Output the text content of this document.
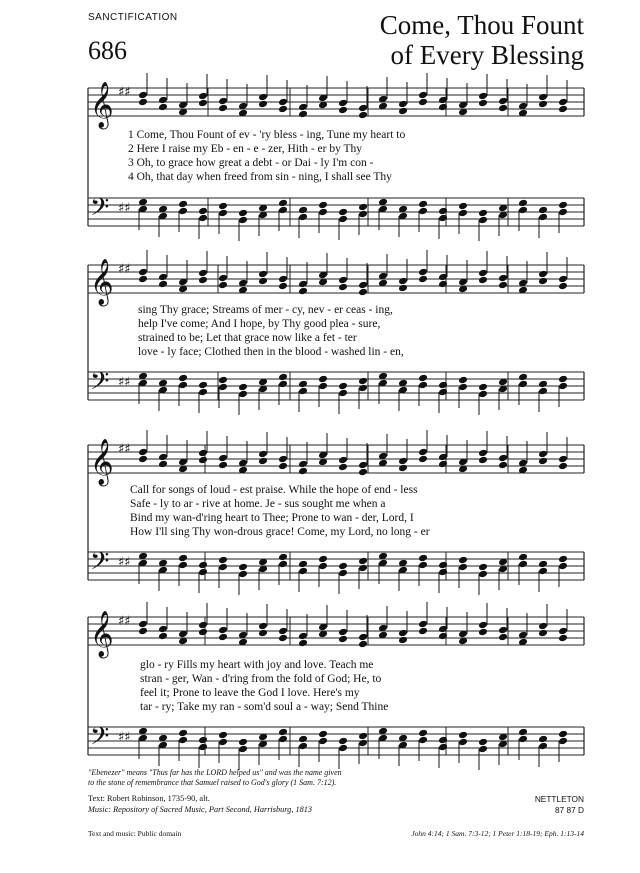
SANCTIFICATION
686
Come, Thou Fount
of Every Blessing
𝄞 ♯♯
𝄢 ♯♯
𝄞 ♯♯
𝄢 ♯♯
𝄞 ♯♯
𝄢 ♯♯
𝄞 ♯♯
𝄢 ♯♯
1 Come, Thou Fount of ev - 'ry bless - ing, Tune my heart to
2 Here I raise my Eb - en - e - zer, Hith - er by Thy
3 Oh, to grace how great a debt - or Dai - ly I'm con -
4 Oh, that day when freed from sin - ning, I shall see Thy
sing Thy grace; Streams of mer - cy, nev - er ceas - ing,
help I've come; And I hope, by Thy good plea - sure,
strained to be; Let that grace now like a fet - ter
love - ly face; Clothed then in the blood - washed lin - en,
Call for songs of loud - est praise. While the hope of end - less
Safe - ly to ar - rive at home. Je - sus sought me when a
Bind my wan-d'ring heart to Thee; Prone to wan - der, Lord, I
How I'll sing Thy won-drous grace! Come, my Lord, no long - er
glo - ry Fills my heart with joy and love. Teach me
stran - ger, Wan - d'ring from the fold of God; He, to
feel it; Prone to leave the God I love. Here's my
tar - ry; Take my ran - som'd soul a - way; Send Thine
"Ebenezer" means "Thus far has the LORD helped us" and was the name given
to the stone of remembrance that Samuel raised to God's glory (1 Sam. 7:12).
Text: Robert Robinson, 1735-90, alt.
Music: Repository of Sacred Music, Part Second, Harrisburg, 1813
NETTLETON
87 87 D
Text and music: Public domain	John 4:14; 1 Sam. 7:3-12; 1 Peter 1:18-19; Eph. 1:13-14
